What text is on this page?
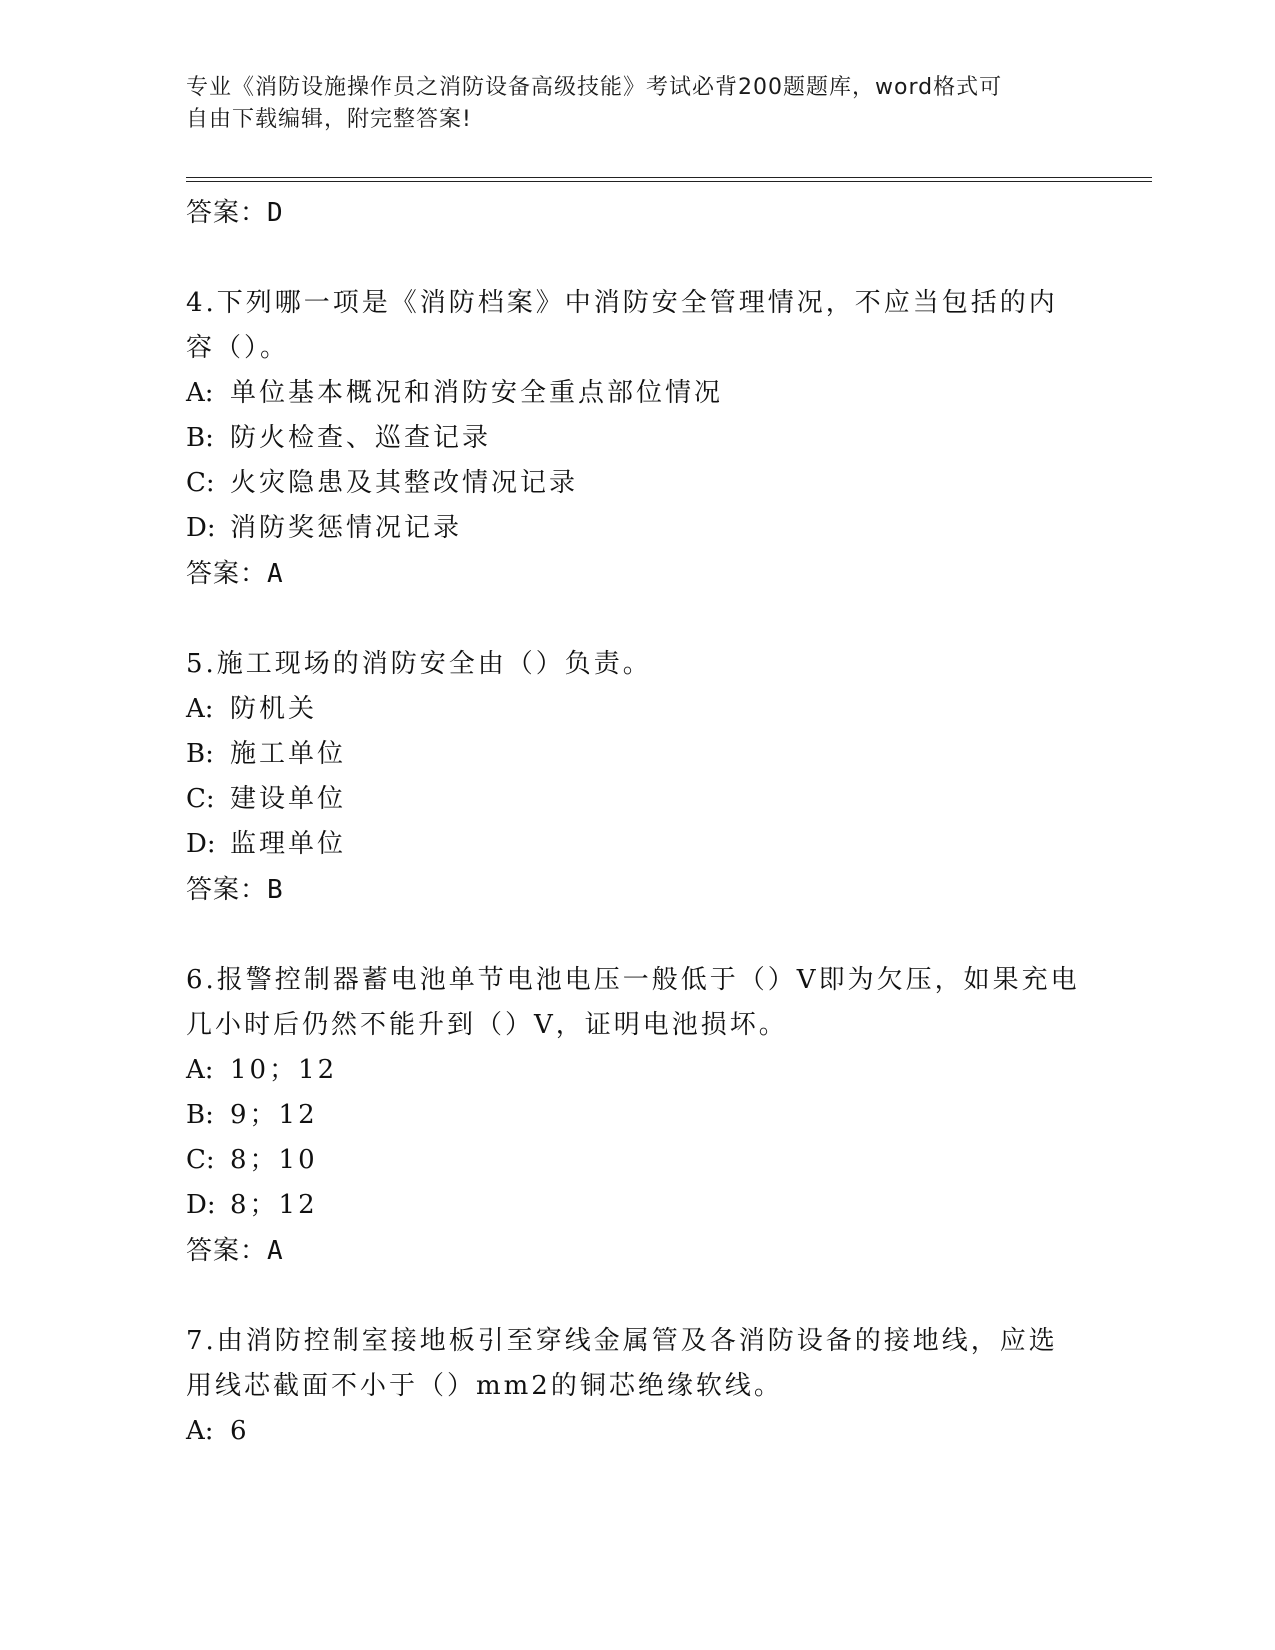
专业《消防设施操作员之消防设备高级技能》考试必背200题题库，word格式可
自由下载编辑，附完整答案!
答案：D
4.下列哪一项是《消防档案》中消防安全管理情况，不应当包括的内
容（）。
A: 单位基本概况和消防安全重点部位情况
B: 防火检查、巡查记录
C: 火灾隐患及其整改情况记录
D: 消防奖惩情况记录
答案：A
5.施工现场的消防安全由（）负责。
A: 防机关
B: 施工单位
C: 建设单位
D: 监理单位
答案：B
6.报警控制器蓄电池单节电池电压一般低于（）V即为欠压，如果充电
几小时后仍然不能升到（）V，证明电池损坏。
A: 10；12
B: 9；12
C: 8；10
D: 8；12
答案：A
7.由消防控制室接地板引至穿线金属管及各消防设备的接地线，应选
用线芯截面不小于（）mm2的铜芯绝缘软线。
A: 6
